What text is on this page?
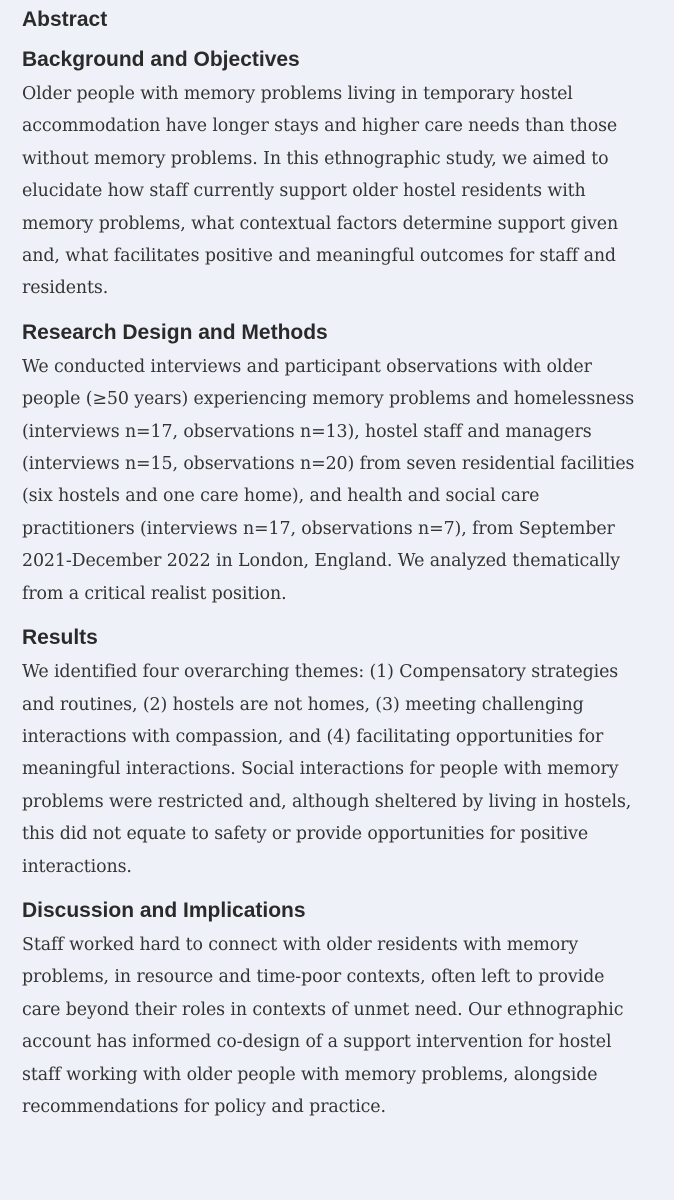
Abstract
Background and Objectives

Older people with memory problems living in temporary hostel
accommodation have longer stays and higher care needs than those
without memory problems. In this ethnographic study, we aimed to
elucidate how staff currently support older hostel residents with
memory problems, what contextual factors determine support given
and, what facilitates positive and meaningful outcomes for staff and
residents.

Research Design and Methods

We conducted interviews and participant observations with older
people (≥50 years) experiencing memory problems and homelessness
(interviews n=17, observations n=13), hostel staff and managers
(interviews n=15, observations n=20) from seven residential facilities
(six hostels and one care home), and health and social care
practitioners (interviews n=17, observations n=7), from September
2021-December 2022 in London, England. We analyzed thematically
from a critical realist position.

Results

We identified four overarching themes: (1) Compensatory strategies
and routines, (2) hostels are not homes, (3) meeting challenging
interactions with compassion, and (4) facilitating opportunities for
meaningful interactions. Social interactions for people with memory
problems were restricted and, although sheltered by living in hostels,
this did not equate to safety or provide opportunities for positive
interactions.

Discussion and Implications

Staff worked hard to connect with older residents with memory
problems, in resource and time-poor contexts, often left to provide
care beyond their roles in contexts of unmet need. Our ethnographic
account has informed co-design of a support intervention for hostel
staff working with older people with memory problems, alongside
recommendations for policy and practice.
